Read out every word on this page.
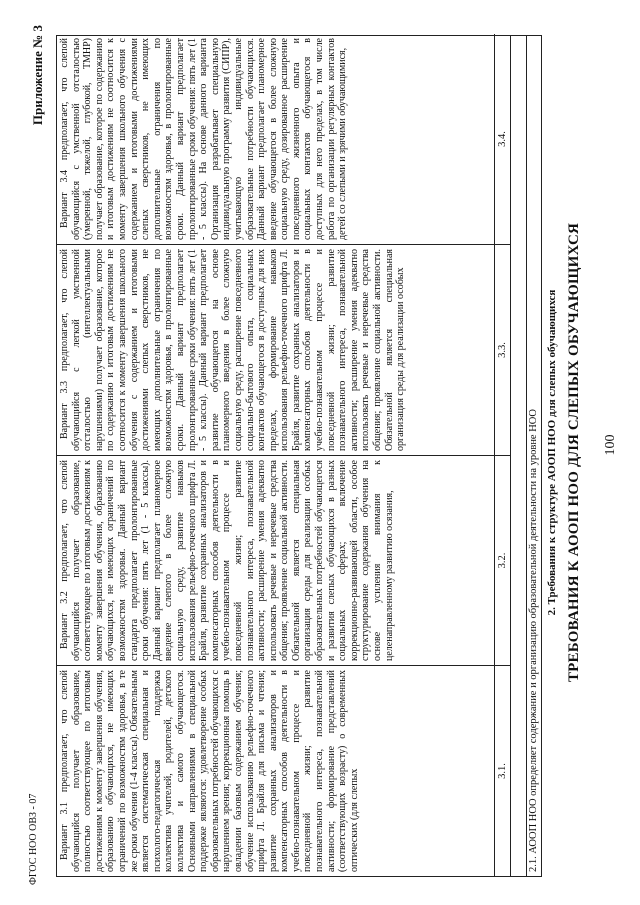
100
Приложение № 3
ТРЕБОВАНИЯ К АООП НОО ДЛЯ СЛЕПЫХ ОБУЧАЮЩИХСЯ
2. Требования к структуре АООП НОО для слепых обучающихся
ФГОС НОО ОВЗ - 07	2.1. АООП НОО определяет содержание и организацию образовательной деятельности на уровне НОО
3.1.
3.2.
3.3.
3.4.

Вариант 3.1 предполагает, что слепой обучающийся получает образование, полностью соответствующее по итоговым достижениям к моменту завершения обучения, образованию обучающихся, не имеющих ограничений по возможностям здоровья, в те же сроки обучения (1-4 классы). Обязательным является систематическая специальная и психолого-педагогическая поддержка коллектива учителей, родителей, детского коллектива и самого обучающегося. Основными направлениями в специальной поддержке являются: удовлетворение особых образовательных потребностей обучающихся с нарушением зрения; коррекционная помощь в овладении базовым содержанием обучения; обучение использованию рельефно-точечного шрифта Л. Брайля для письма и чтения; развитие сохранных анализаторов и компенсаторных способов деятельности в учебно-познавательном процессе и повседневной жизни; развитие познавательного интереса, познавательной активности; формирование представлений (соответствующих возрасту) о современных оптических (для слепых

Вариант 3.2 предполагает, что слепой обучающийся получает образование, соответствующее по итоговым достижениям к моменту завершения обучения, образованию обучающихся, не имеющих ограничений по возможностям здоровья. Данный вариант стандарта предполагает пролонгированные сроки обучения: пять лет (1 - 5 классы). Данный вариант предполагает планомерное введение слепого в более сложную социальную среду, развитие навыков использования рельефно-точечного шрифта Л. Брайля, развитие сохранных анализаторов и компенсаторных способов деятельности в учебно-познавательном процессе и повседневной жизни; развитие познавательного интереса, познавательной активности; расширение умения адекватно использовать речевые и неречевые средства общения; проявление социальной активности. Обязательной является специальная организация среды для реализации особых образовательных потребностей обучающегося и развития слепых обучающихся в разных социальных сферах; включение коррекционно-развивающей области, особое структурирование содержания обучения на основе усиления внимания к целенаправленному развитию осязания,

Вариант 3.3 предполагает, что слепой обучающийся с легкой умственной отсталостью (интеллектуальными нарушениями) получает образование, которое по содержанию и итоговым достижениям не соотносится к моменту завершения школьного обучения с содержанием и итоговыми достижениями слепых сверстников, не имеющих дополнительные ограничения по возможностям здоровья, в пролонгированные сроки. Данный вариант предполагает пролонгированные сроки обучения: пять лет (1 - 5 классы). Данный вариант предполагает развитие обучающегося на основе планомерного введения в более сложную социальную среду, расширение повседневного социально-бытового опыта, социальных контактов обучающегося в доступных для них пределах, формирование навыков использования рельефно-точечного шрифта Л. Брайля, развитие сохранных анализаторов и компенсаторных способов деятельности в учебно-познавательном процессе и повседневной жизни; развитие познавательного интереса, познавательной активности; расширение умения адекватно использовать речевые и неречевые средства общения; проявление социальной активности. Обязательной является специальная организация среды для реализации особых

Вариант 3.4 предполагает, что слепой обучающийся с умственной отсталостью (умеренной, тяжелой, глубокой, ТМНР) получает образование, которое по содержанию и итоговым достижениям не соотносится к моменту завершения школьного обучения с содержанием и итоговыми достижениями слепых сверстников, не имеющих дополнительные ограничения по возможностям здоровья, в пролонгированные сроки. Данный вариант предполагает пролонгированные сроки обучения: пять лет (1 - 5 классы). На основе данного варианта Организация разрабатывает специальную индивидуальную программу развития (СИПР), учитывающую индивидуальные образовательные потребности обучающихся. Данный вариант предполагает планомерное введение обучающегося в более сложную социальную среду, дозированное расширение повседневного жизненного опыта и социальных контактов обучающегося в доступных для него пределах, в том числе работа по организации регулярных контактов детей со слепыми и зрячими обучающимися,
